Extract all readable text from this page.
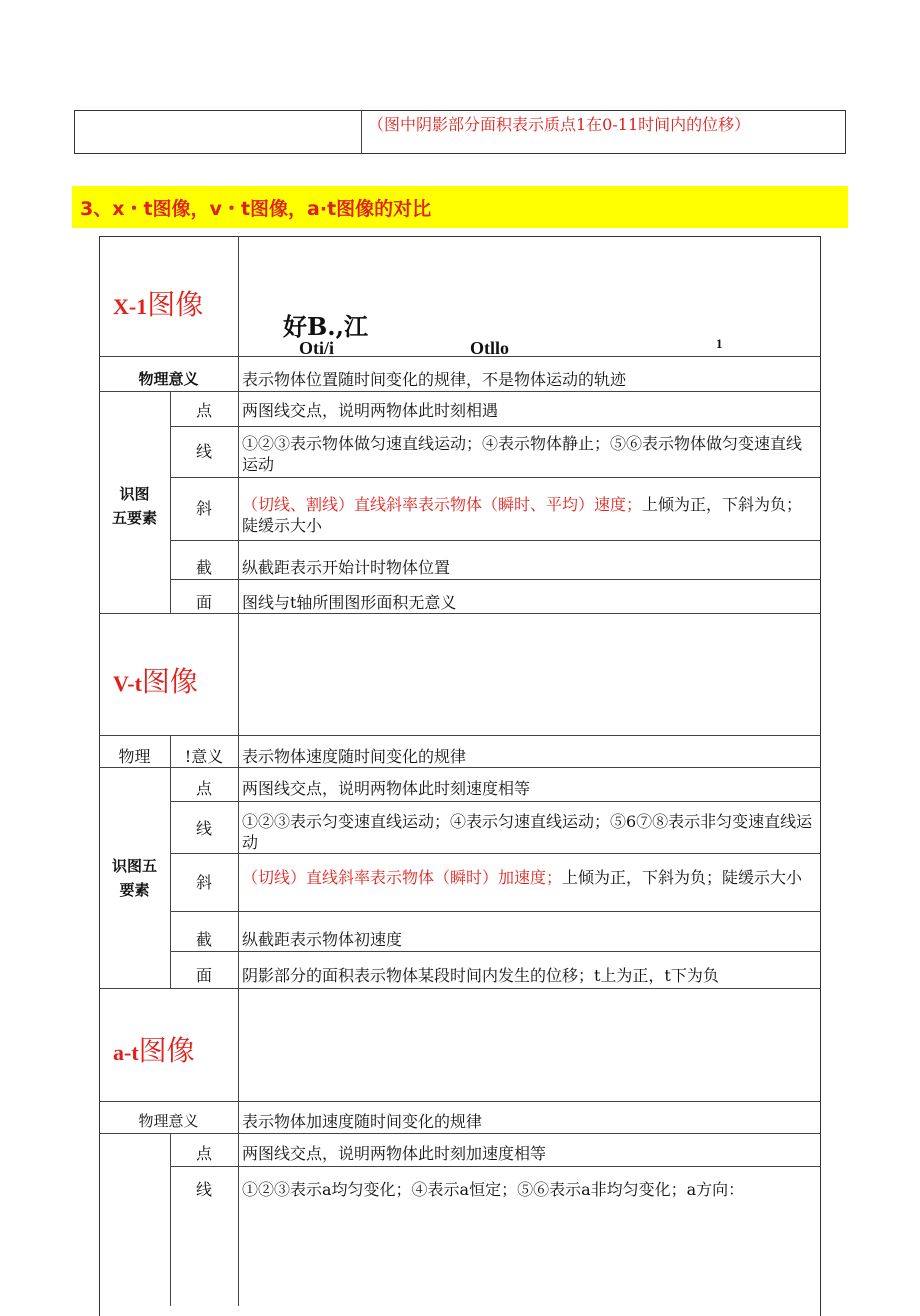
（图中阴影部分面积表示质点1在0-11时间内的位移）
3、x・t图像，v・t图像，a·t图像的对比
X-1图像
好B.,江
Oti/i	Otllo	1
物理意义	表示物体位置随时间变化的规律，不是物体运动的轨迹
识图
五要素
点	两图线交点，说明两物体此时刻相遇
线	①②③表示物体做匀速直线运动；④表示物体静止；⑤⑥表示物体做匀变速直线运动
斜	（切线、割线）直线斜率表示物体（瞬时、平均）速度；上倾为正，下斜为负；陡缓示大小
截	纵截距表示开始计时物体位置
面	图线与t轴所围图形面积无意义
V-t图像
物理	!意义	表示物体速度随时间变化的规律
识图五
要素
点	两图线交点，说明两物体此时刻速度相等
线	①②③表示匀变速直线运动；④表示匀速直线运动；⑤6⑦⑧表示非匀变速直线运动
斜	（切线）直线斜率表示物体（瞬时）加速度；上倾为正，下斜为负；陡缓示大小
截	纵截距表示物体初速度
面	阴影部分的面积表示物体某段时间内发生的位移；t上为正，t下为负
a-t图像
物理意义	表示物体加速度随时间变化的规律
点	两图线交点，说明两物体此时刻加速度相等
线	①②③表示a均匀变化；④表示a恒定；⑤⑥表示a非均匀变化；a方向：
